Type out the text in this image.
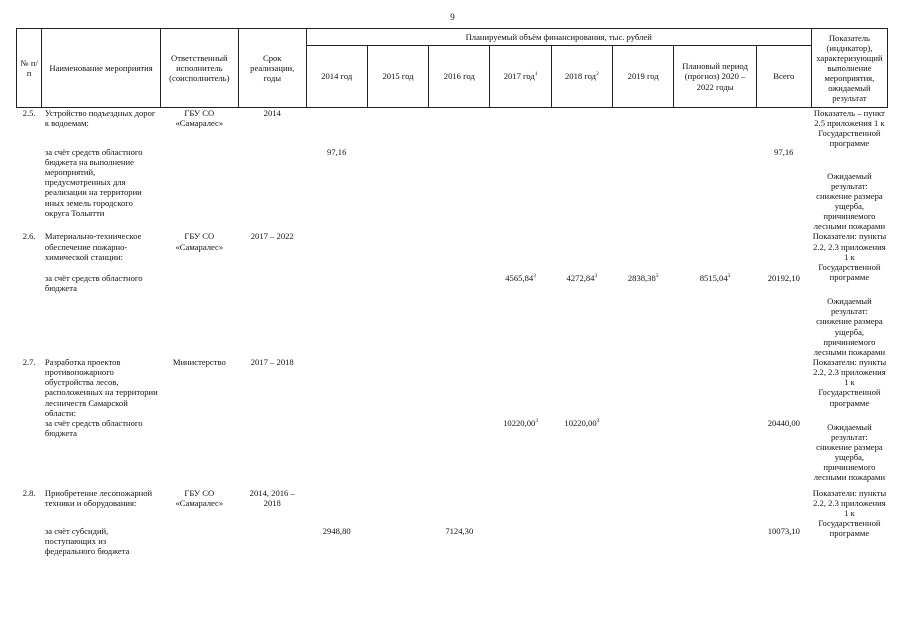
9
№ п/п	Наименование мероприятия	Ответственный исполнитель (соисполнитель)	Срок реализации, годы	Планируемый объём финансирования, тыс. рублей								Показатель (индикатор), характеризующий выполнение мероприятия, ожидаемый результат
				2014 год	2015 год	2016 год	2017 год$^1$	2018 год$^2$	2019 год	Плановый период (прогноз) 2020 – 2022 годы	Всего	
2.5.	Устройство подъездных дорог к водоемам:	ГБУ СО «Самаралес»	2014									Показатель – пункт 2.5 приложения 1 к Государственной программе
Ожидаемый результат: снижение размера ущерба, причиняемого лесными пожарами

	за счёт средств областного бюджета на выполнение мероприятий, предусмотренных для реализации на территории иных земель городского округа Тольятти			97,16							97,16	
2.6.	Материально-техническое обеспечение пожарно-химической станции:	ГБУ СО «Самаралес»	2017 – 2022									Показатели: пункты 2.2, 2.3 приложения 1 к Государственной программе
Ожидаемый результат: снижение размера ущерба, причиняемого лесными пожарами

	за счёт средств областного бюджета						4565,84$^3$	4272,84$^3$	2838,38$^3$	8515,04$^3$	20192,10	
2.7.	Разработка проектов противопожарного обустройства лесов, расположенных на территории лесничеств Самарской области:	Министерство	2017 – 2018									Показатели: пункты 2.2, 2.3 приложения 1 к Государственной программе
Ожидаемый результат: снижение размера ущерба, причиняемого лесными пожарами

	за счёт средств областного бюджета						10220,00$^3$	10220,00$^3$			20440,00	
2.8.	Приобретение лесопожарной техники и оборудования:	ГБУ СО «Самаралес»	2014, 2016 – 2018									Показатели: пункты 2.2, 2.3 приложения 1 к Государственной программе

	за счёт субсидий, поступающих из федерального бюджета			2948,80		7124,30					10073,10	
